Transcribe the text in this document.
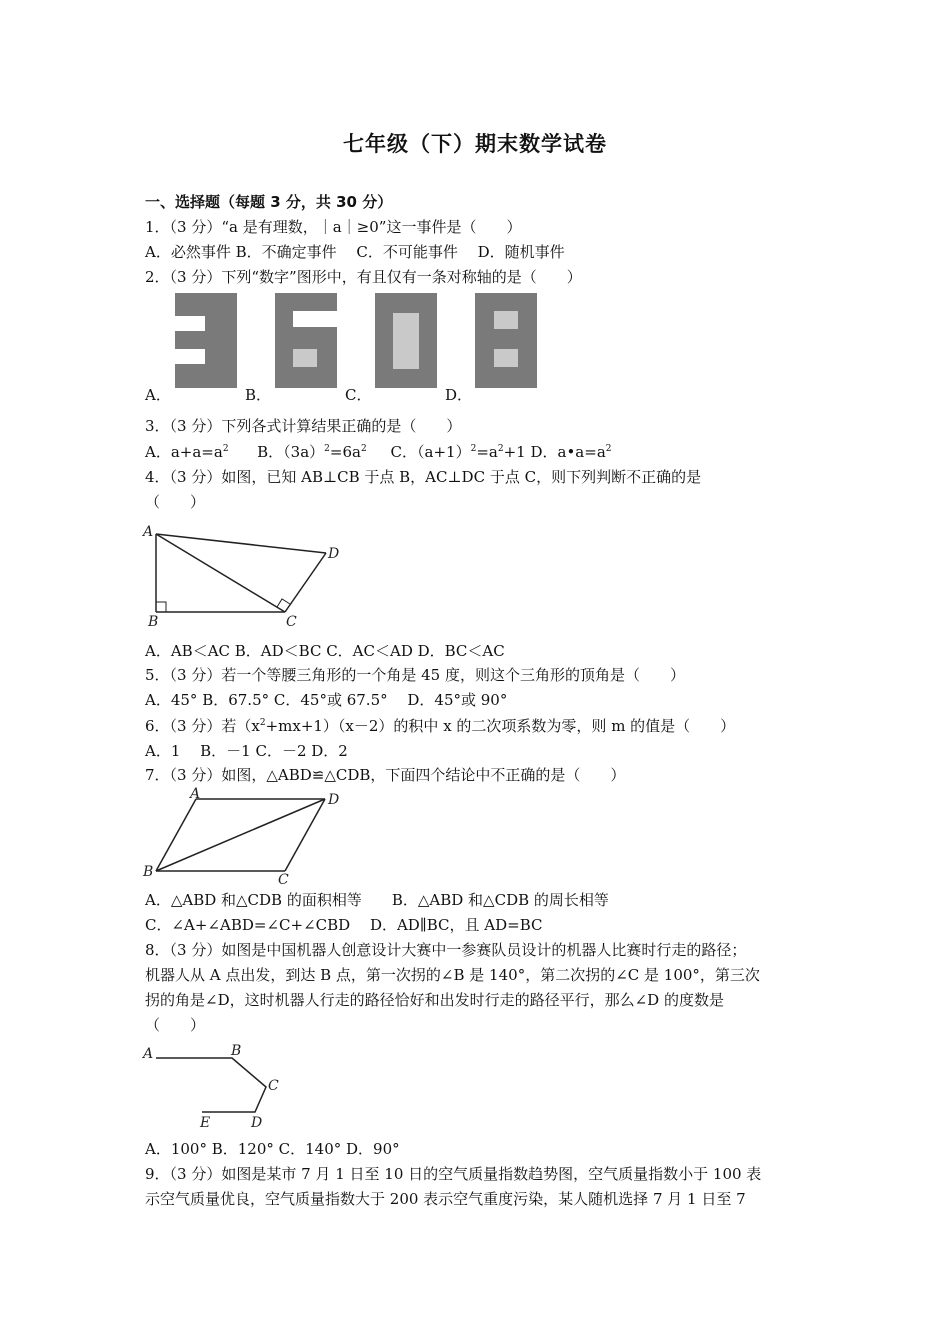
七年级（下）期末数学试卷
一、选择题（每题 3 分，共 30 分）
1．（3 分）“a 是有理数，｜a｜≥0”这一事件是（　　）
A．必然事件 B．不确定事件　 C．不可能事件　 D．随机事件
2．（3 分）下列“数字”图形中，有且仅有一条对称轴的是（　　）
A．	B．	C．	D．
3．（3 分）下列各式计算结果正确的是（　　）
A．$a+a=a^2$ B．$(3a)^2=6a^2$ C．$(a+1)^2=a^2+1$ D．$a•a=a^2$
4．（3 分）如图，已知 AB⊥CB 于点 B，AC⊥DC 于点 C，则下列判断不正确的是
（　　）
A
B	C
D
A．AB＜AC B．AD＜BC C．AC＜AD D．BC＜AC
5．（3 分）若一个等腰三角形的一个角是 45 度，则这个三角形的顶角是（　　）
A．45° B．67.5° C．45°或 67.5°　 D．45°或 90°
6．（3 分）若$(x^2+mx+1)(x-2)$的积中 x 的二次项系数为零，则 m 的值是（　　）
A．1　 B．－1 C．－2 D．2
7．（3 分）如图，△ABD≌△CDB，下面四个结论中不正确的是（　　）
A	D
B	C
A．△ABD 和△CDB 的面积相等　　B．△ABD 和△CDB 的周长相等
C．∠A+∠ABD=∠C+∠CBD　 D．AD∥BC，且 AD=BC
8．（3 分）如图是中国机器人创意设计大赛中一参赛队员设计的机器人比赛时行走的路径；
机器人从 A 点出发，到达 B 点，第一次拐的∠B 是 140°，第二次拐的∠C 是 100°，第三次
拐的角是∠D，这时机器人行走的路径恰好和出发时行走的路径平行，那么∠D 的度数是
（　　）
A	B
C
D
E
A．100° B．120° C．140° D．90°
9．（3 分）如图是某市 7 月 1 日至 10 日的空气质量指数趋势图，空气质量指数小于 100 表
示空气质量优良，空气质量指数大于 200 表示空气重度污染，某人随机选择 7 月 1 日至 7
